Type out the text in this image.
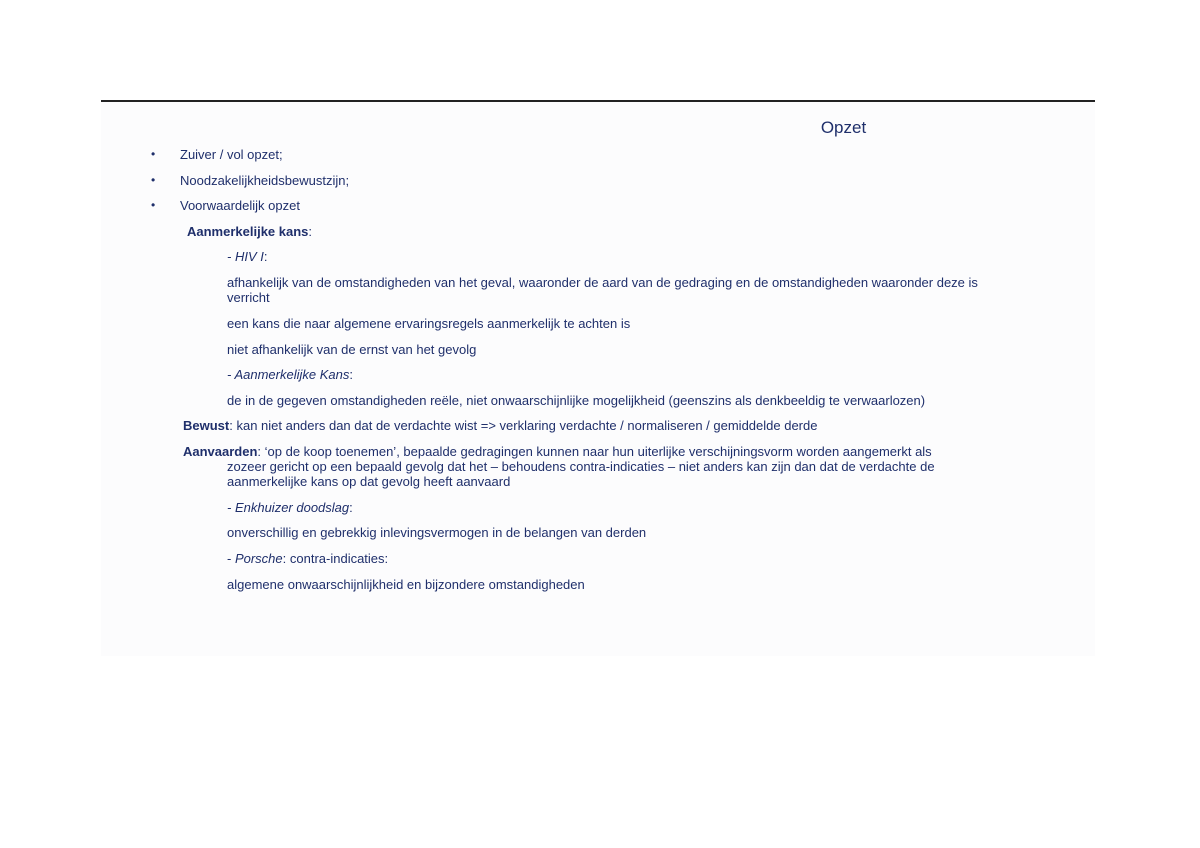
Opzet
• Zuiver / vol opzet;
• Noodzakelijkheidsbewustzijn;
• Voorwaardelijk opzet
Aanmerkelijke kans:
- HIV I:
afhankelijk van de omstandigheden van het geval, waaronder de aard van de gedraging en de omstandigheden waaronder deze is
verricht
een kans die naar algemene ervaringsregels aanmerkelijk te achten is
niet afhankelijk van de ernst van het gevolg
- Aanmerkelijke Kans:
de in de gegeven omstandigheden reële, niet onwaarschijnlijke mogelijkheid (geenszins als denkbeeldig te verwaarlozen)
Bewust: kan niet anders dan dat de verdachte wist => verklaring verdachte / normaliseren / gemiddelde derde
Aanvaarden: ‘op de koop toenemen’, bepaalde gedragingen kunnen naar hun uiterlijke verschijningsvorm worden aangemerkt als
zozeer gericht op een bepaald gevolg dat het – behoudens contra-indicaties – niet anders kan zijn dan dat de verdachte de
aanmerkelijke kans op dat gevolg heeft aanvaard
- Enkhuizer doodslag:
onverschillig en gebrekkig inlevingsvermogen in de belangen van derden
- Porsche: contra-indicaties:
algemene onwaarschijnlijkheid en bijzondere omstandigheden
